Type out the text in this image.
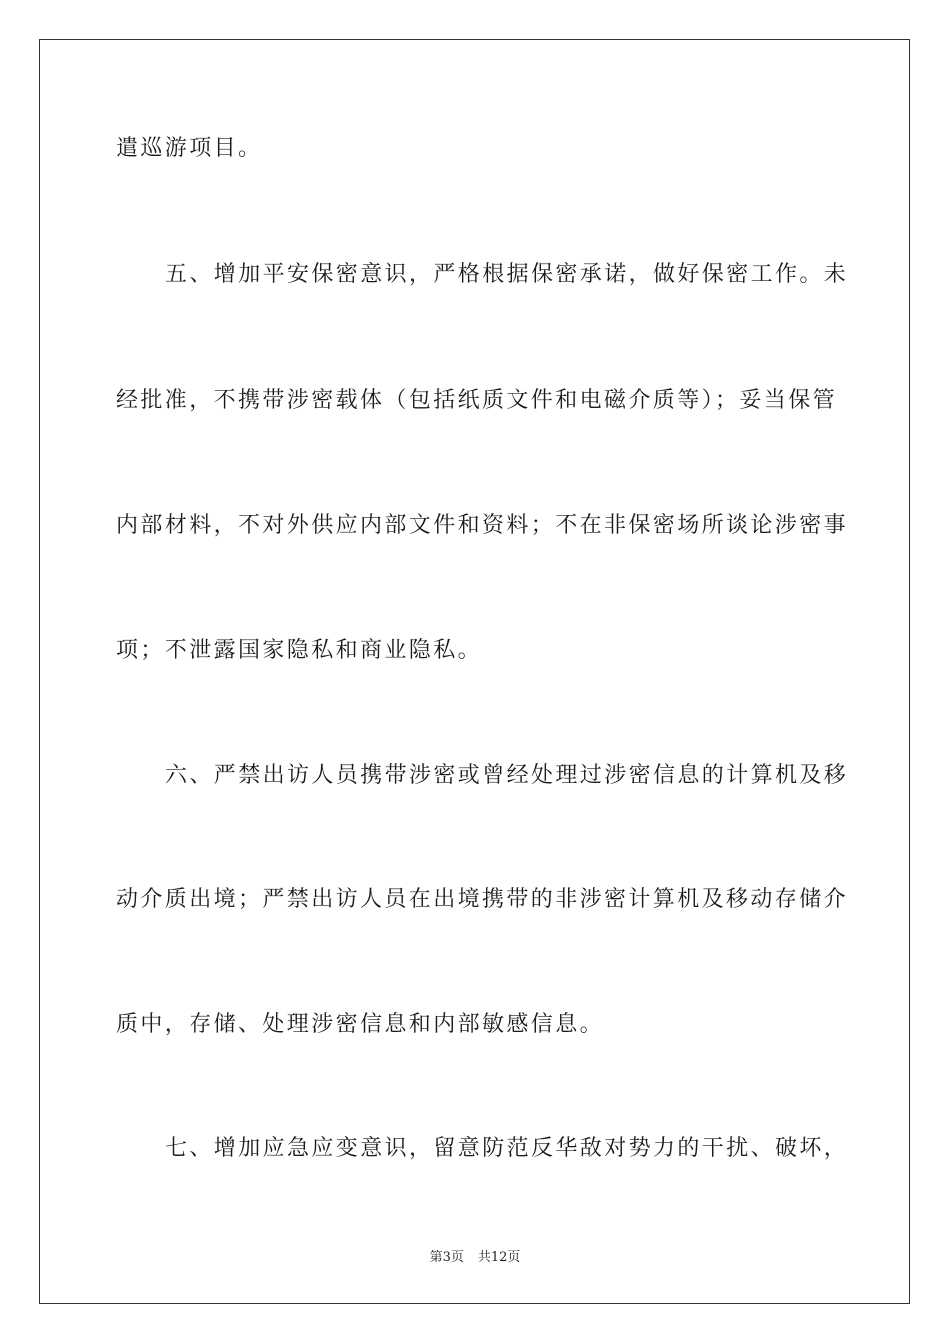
遣巡游项目。
五、增加平安保密意识，严格根据保密承诺，做好保密工作。未
经批准，不携带涉密载体（包括纸质文件和电磁介质等）；妥当保管
内部材料，不对外供应内部文件和资料；不在非保密场所谈论涉密事
项；不泄露国家隐私和商业隐私。
六、严禁出访人员携带涉密或曾经处理过涉密信息的计算机及移
动介质出境；严禁出访人员在出境携带的非涉密计算机及移动存储介
质中，存储、处理涉密信息和内部敏感信息。
七、增加应急应变意识，留意防范反华敌对势力的干扰、破坏，
第3页 共12页
